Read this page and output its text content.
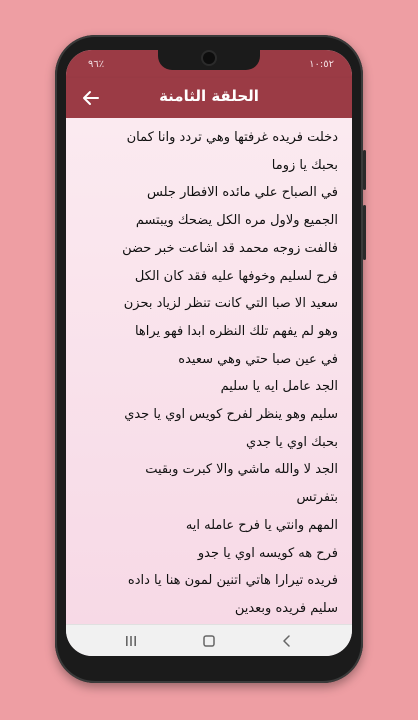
٪٩٦	١٠:٥٢
الحلقة الثامنة
دخلت فريده غرفتها وهي تردد وانا كمان
بحبك يا زوما
في الصباح علي مائده الافطار جلس
الجميع ولاول مره الكل يضحك ويبتسم
فالفت زوجه محمد قد اشاعت خبر حضن
فرح لسليم وخوفها عليه فقد كان الكل
سعيد الا صبا التي كانت تنظر لزياد بحزن
وهو لم يفهم تلك النظره ابدا فهو يراها
في عين صبا حتي وهي سعيده
الجد عامل ايه يا سليم
سليم وهو ينظر لفرح كويس اوي يا جدي
بحبك اوي يا جدي
الجد لا والله ماشي والا كبرت وبقيت
بتفرتس
المهم وانتي يا فرح عامله ايه
فرح هه كويسه اوي يا جدو
فريده تيرارا هاتي اتنين لمون هنا يا داده
سليم فريده وبعدين
